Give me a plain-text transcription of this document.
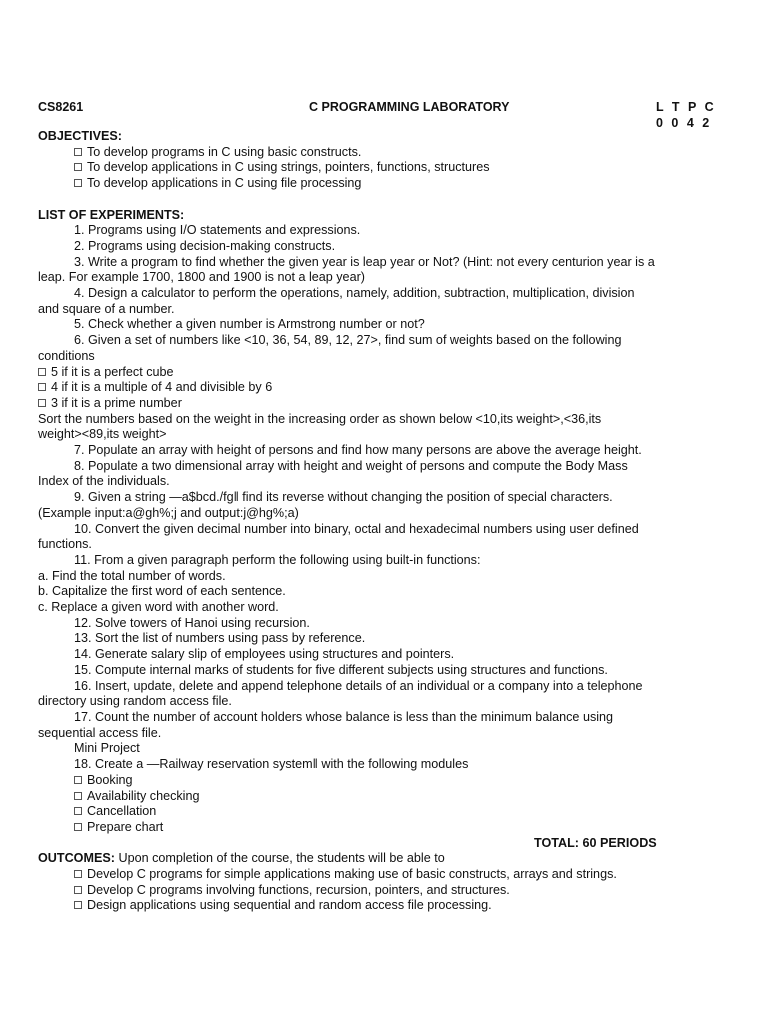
CS8261	C PROGRAMMING LABORATORY	L T P C
0 0 4 2
OBJECTIVES:
To develop programs in C using basic constructs.
To develop applications in C using strings, pointers, functions, structures
To develop applications in C using file processing
LIST OF EXPERIMENTS:
1. Programs using I/O statements and expressions.
2. Programs using decision-making constructs.
3. Write a program to find whether the given year is leap year or Not? (Hint: not every centurion year is a
leap. For example 1700, 1800 and 1900 is not a leap year)
4. Design a calculator to perform the operations, namely, addition, subtraction, multiplication, division
and square of a number.
5. Check whether a given number is Armstrong number or not?
6. Given a set of numbers like <10, 36, 54, 89, 12, 27>, find sum of weights based on the following
conditions
5 if it is a perfect cube
4 if it is a multiple of 4 and divisible by 6
3 if it is a prime number
Sort the numbers based on the weight in the increasing order as shown below <10,its weight>,<36,its
weight><89,its weight>
7. Populate an array with height of persons and find how many persons are above the average height.
8. Populate a two dimensional array with height and weight of persons and compute the Body Mass
Index of the individuals.
9. Given a string ―a$bcd./fg‖ find its reverse without changing the position of special characters.
(Example input:a@gh%;j and output:j@hg%;a)
10. Convert the given decimal number into binary, octal and hexadecimal numbers using user defined
functions.
11. From a given paragraph perform the following using built-in functions:
a. Find the total number of words.
b. Capitalize the first word of each sentence.
c. Replace a given word with another word.
12. Solve towers of Hanoi using recursion.
13. Sort the list of numbers using pass by reference.
14. Generate salary slip of employees using structures and pointers.
15. Compute internal marks of students for five different subjects using structures and functions.
16. Insert, update, delete and append telephone details of an individual or a company into a telephone
directory using random access file.
17. Count the number of account holders whose balance is less than the minimum balance using
sequential access file.
Mini Project
18. Create a ―Railway reservation system‖ with the following modules
Booking
Availability checking
Cancellation
Prepare chart
TOTAL: 60 PERIODS
OUTCOMES: Upon completion of the course, the students will be able to
Develop C programs for simple applications making use of basic constructs, arrays and strings.
Develop C programs involving functions, recursion, pointers, and structures.
Design applications using sequential and random access file processing.
